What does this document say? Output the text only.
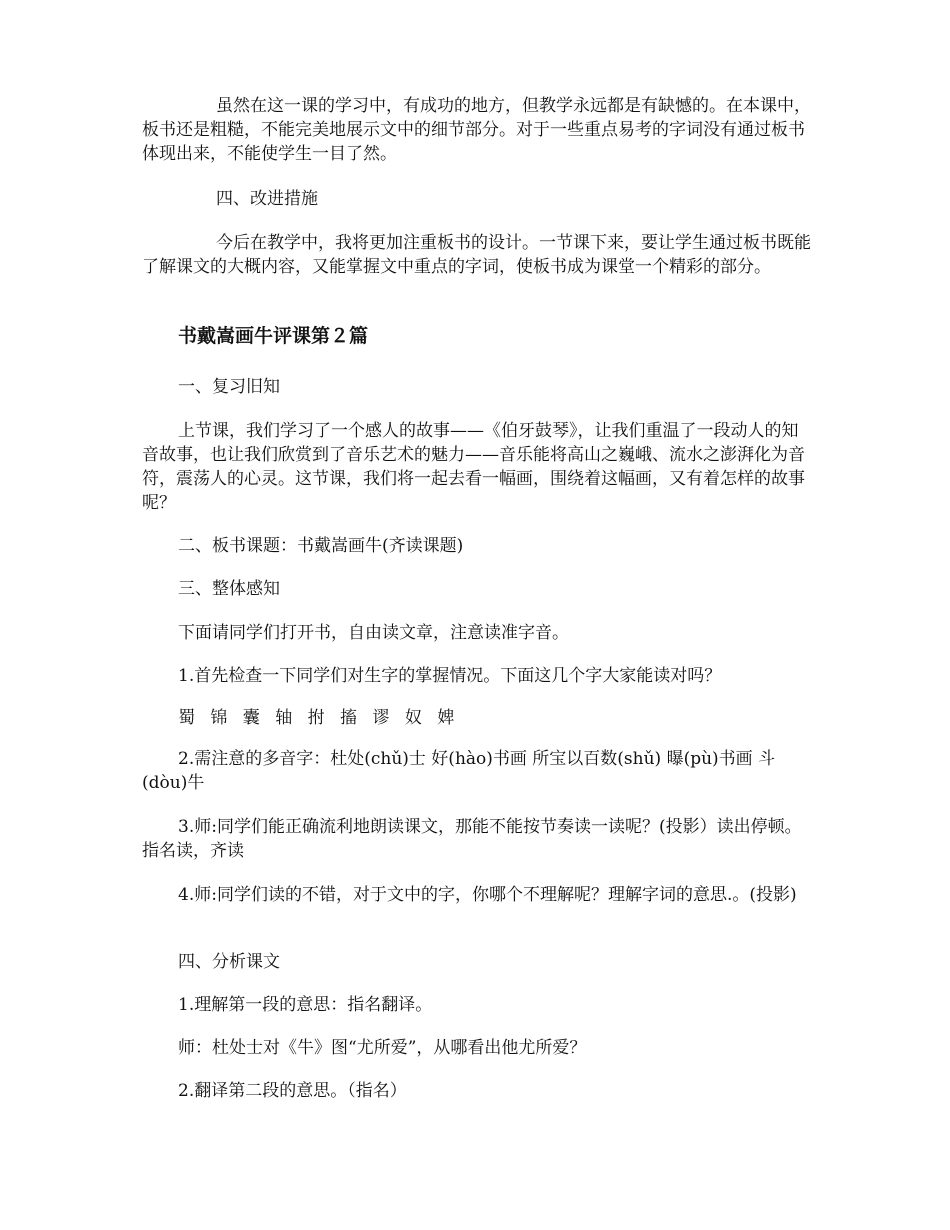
虽然在这一课的学习中，有成功的地方，但教学永远都是有缺憾的。在本课中，板书还是粗糙，不能完美地展示文中的细节部分。对于一些重点易考的字词没有通过板书体现出来，不能使学生一目了然。

四、改进措施

今后在教学中，我将更加注重板书的设计。一节课下来，要让学生通过板书既能了解课文的大概内容，又能掌握文中重点的字词，使板书成为课堂一个精彩的部分。

书戴嵩画牛评课第２篇

一、复习旧知

上节课，我们学习了一个感人的故事——《伯牙鼓琴》，让我们重温了一段动人的知音故事，也让我们欣赏到了音乐艺术的魅力——音乐能将高山之巍峨、流水之澎湃化为音符，震荡人的心灵。这节课，我们将一起去看一幅画，围绕着这幅画，又有着怎样的故事呢？

二、板书课题：书戴嵩画牛(齐读课题)

三、整体感知

下面请同学们打开书，自由读文章，注意读准字音。

1.首先检查一下同学们对生字的掌握情况。下面这几个字大家能读对吗？

蜀 锦 囊 轴 拊 搐 谬 奴 婢

2.需注意的多音字：杜处(chǔ)士 好(hào)书画 所宝以百数(shǔ) 曝(pù)书画 斗(dòu)牛

3.师:同学们能正确流利地朗读课文，那能不能按节奏读一读呢？(投影）读出停顿。指名读，齐读

4.师:同学们读的不错，对于文中的字，你哪个不理解呢？理解字词的意思.。(投影)

四、分析课文

1.理解第一段的意思：指名翻译。

师：杜处士对《牛》图“尤所爱”，从哪看出他尤所爱？

2.翻译第二段的意思。（指名）
